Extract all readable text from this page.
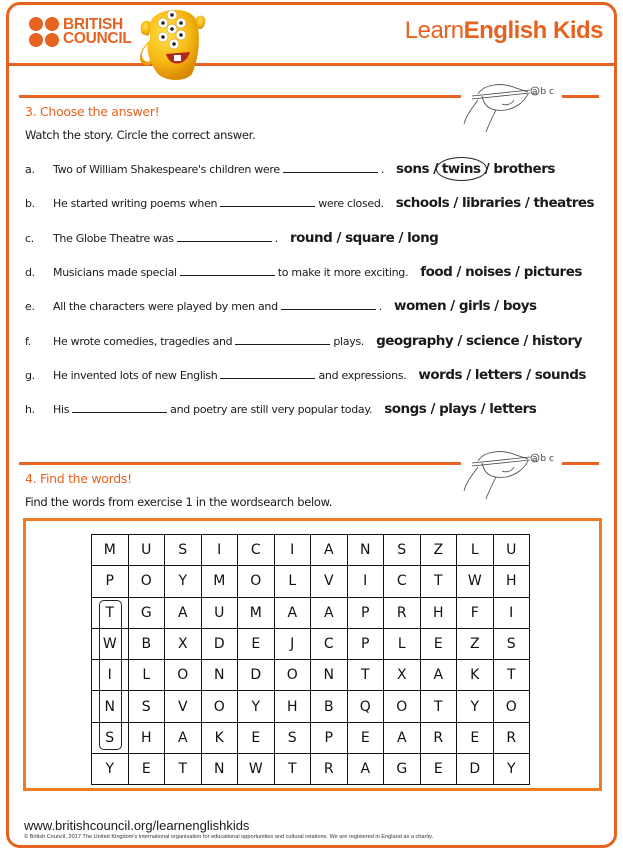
BRITISH
COUNCIL	LearnEnglish Kids
a b c
3. Choose the answer!
Watch the story. Circle the correct answer.
a.	Two of William Shakespeare's children were	. sons / twins
/ brothers
b.	He started writing poems when	were closed. schools / libraries / theatres
c.	The Globe Theatre was	. round / square / long
d.	Musicians made special	to make it more exciting. food / noises / pictures
e.	All the characters were played by men and	. women / girls / boys
f.	He wrote comedies, tragedies and	plays. geography / science / history
g.	He invented lots of new English	and expressions. words / letters / sounds
h.	His	and poetry are still very popular today. songs / plays / letters
a b c
4. Find the words!
Find the words from exercise 1 in the wordsearch below.
M	U	S	I	C	I	A	N	S	Z	L	U
P	O	Y	M	O	L	V	I	C	T	W	H
T	G	A	U	M	A	A	P	R	H	F	I
W	B	X	D	E	J	C	P	L	E	Z	S
I	L	O	N	D	O	N	T	X	A	K	T
N	S	V	O	Y	H	B	Q	O	T	Y	O
S	H	A	K	E	S	P	E	A	R	E	R
Y	E	T	N	W	T	R	A	G	E	D	Y
www.britishcouncil.org/learnenglishkids
© British Council, 2017 The United Kingdom's international organisation for educational opportunities and cultural relations. We are registered in England as a charity.
